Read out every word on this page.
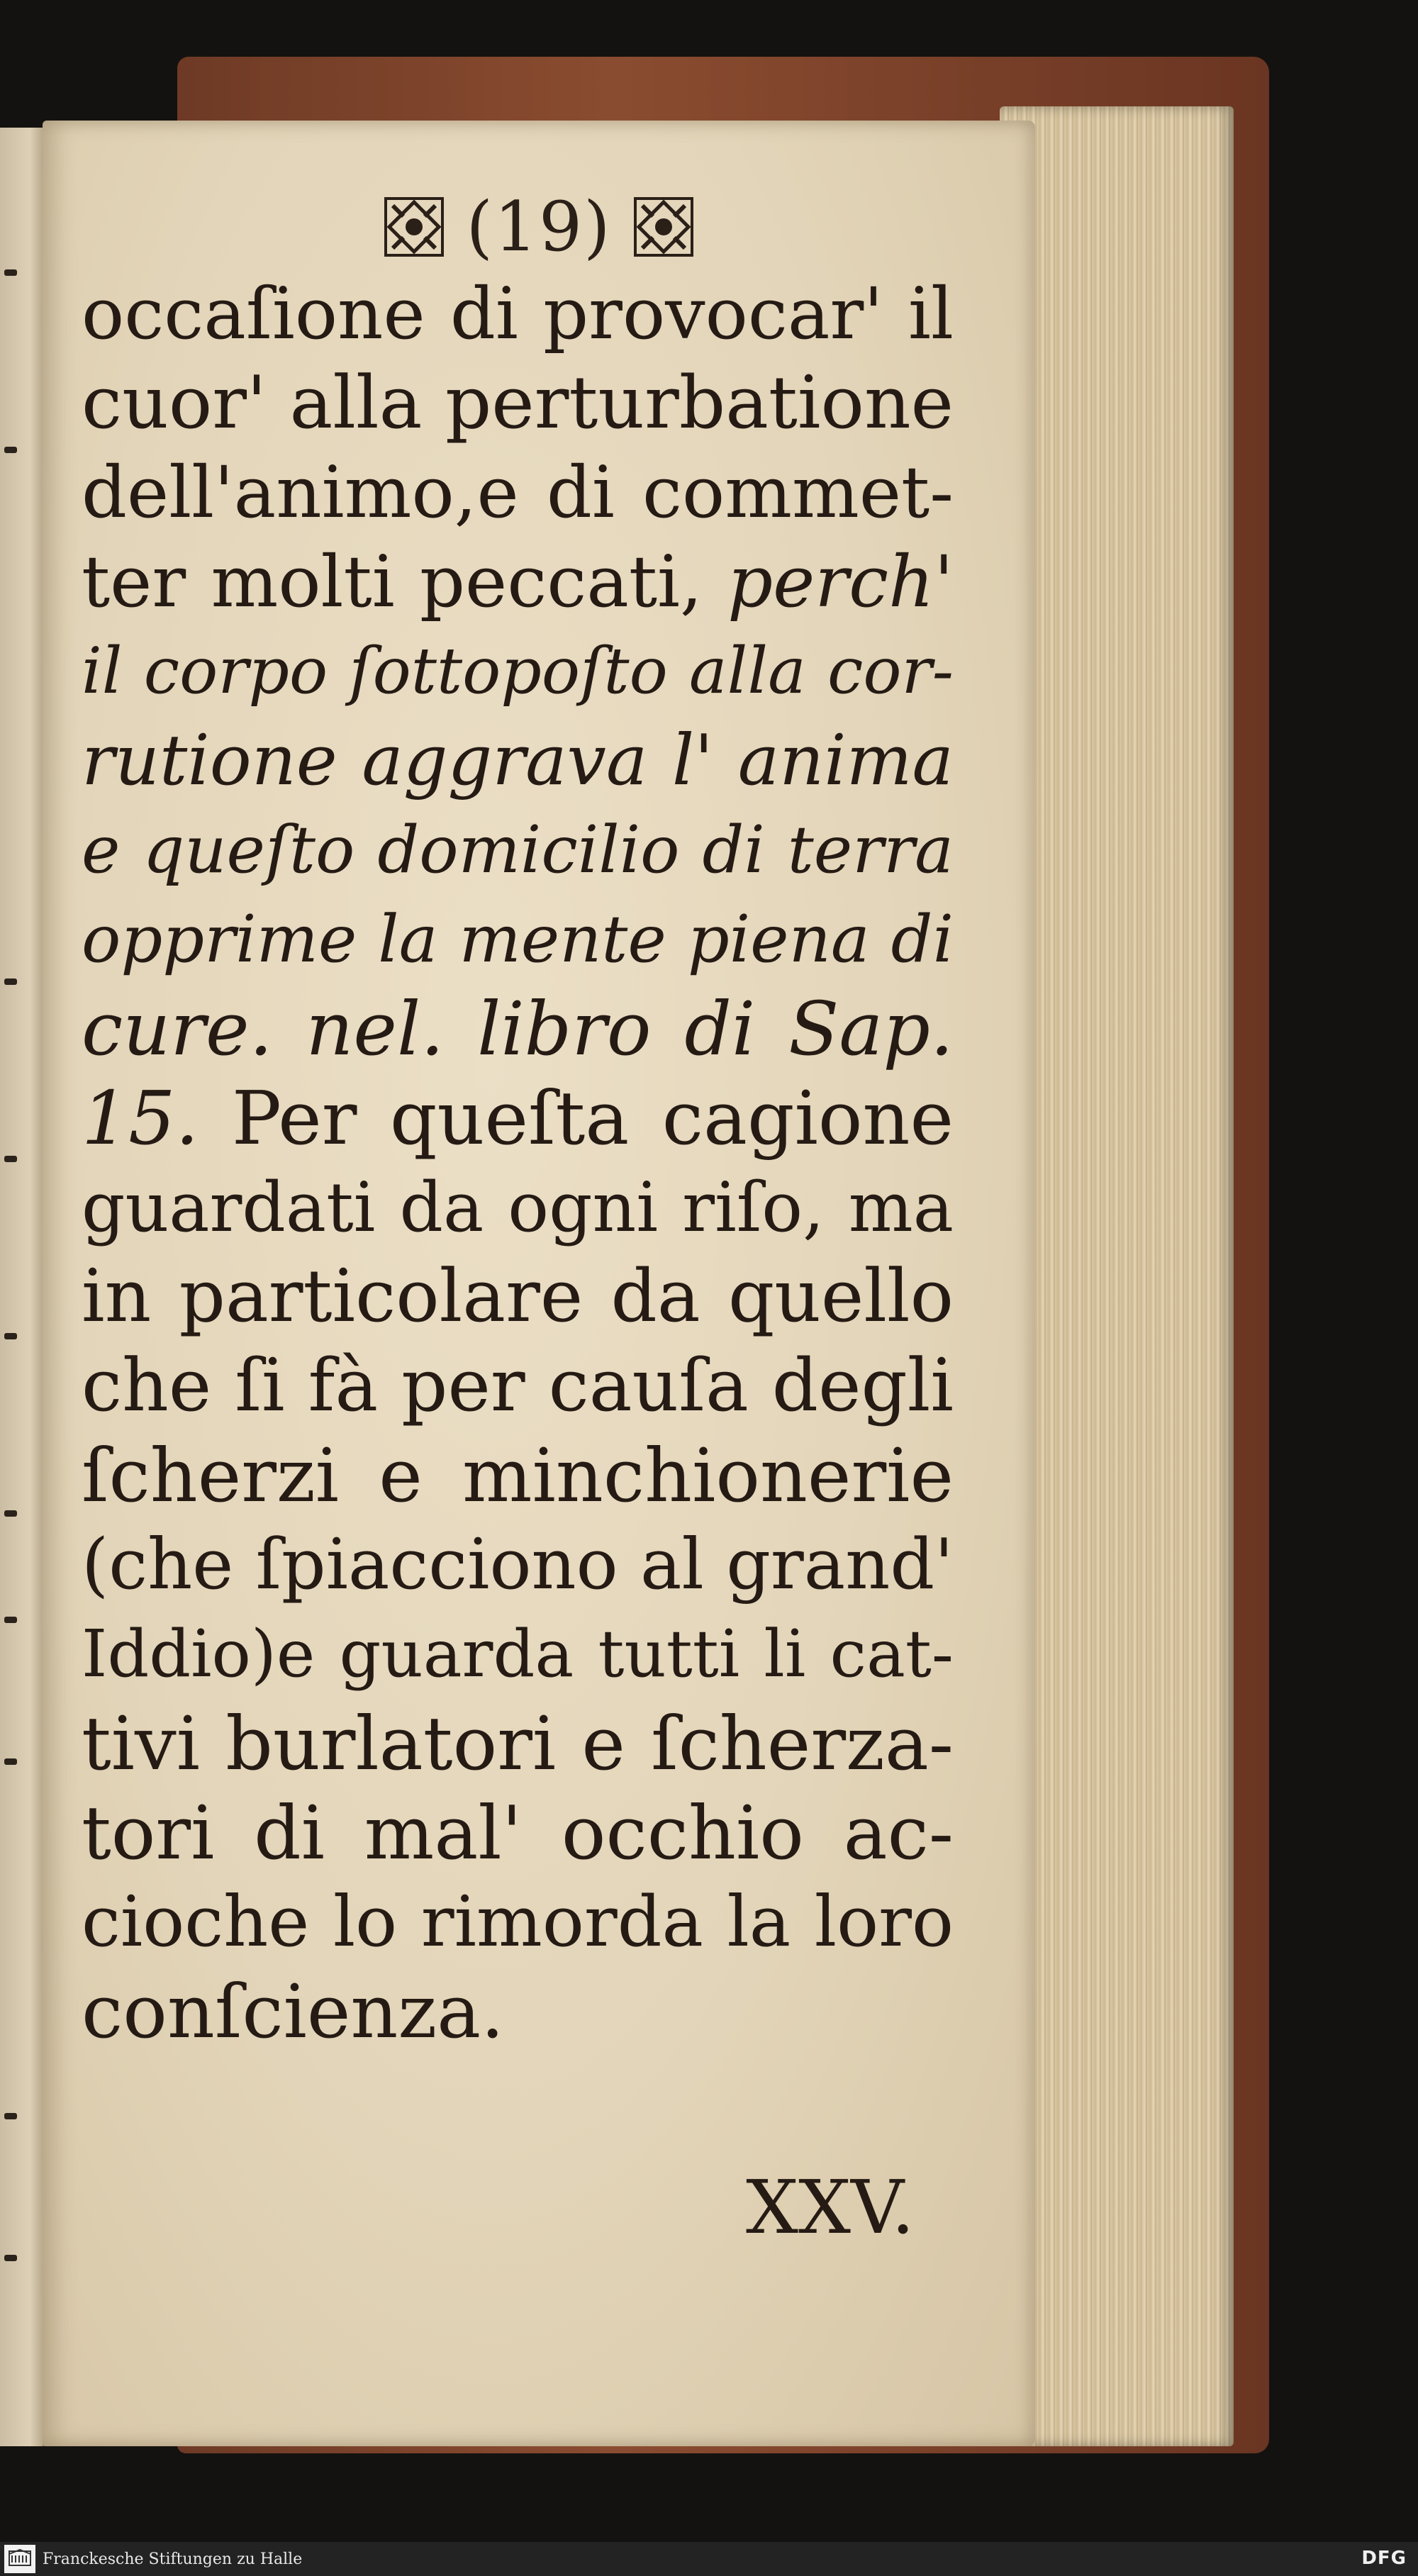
(19)
occaſione di provocar' il
cuor' alla perturbatione
dell'animo,e di commet-
ter molti peccati, perch'
il corpo ſottopoſto alla cor-
rutione aggrava l' anima
e queſto domicilio di terra
opprime la mente piena di
cure. nel. libro di Sap.
15. Per queſta cagione
guardati da ogni riſo, ma
in particolare da quello
che ſi fà per cauſa degli
ſcherzi e minchionerie
(che ſpiacciono al grand'
Iddio)e guarda tutti li cat-
tivi burlatori e ſcherza-
tori di mal' occhio ac-
cioche lo rimorda la loro
conſcienza.
XXV.
Franckesche Stiftungen zu Halle	DFG
